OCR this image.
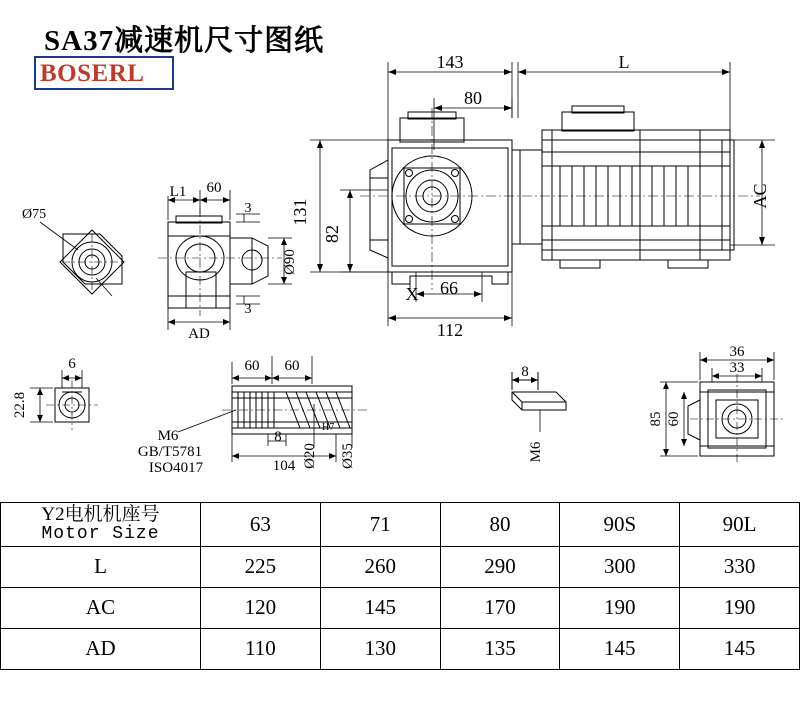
SA37减速机尺寸图纸
BOSERL	143	L
80
131
82
AC
X 66
112
L1 60
3
3
Ø90
AD
Ø75
6
22.8
60 60
M6
GB/T5781
ISO4017
8
104 Ø20
H7
Ø35
8
M6
36
33
85 60
Y2电机机座号
Motor Size	63	71	80	90S	90L
L	225	260	290	300	330
AC	120	145	170	190	190
AD	110	130	135	145	145
